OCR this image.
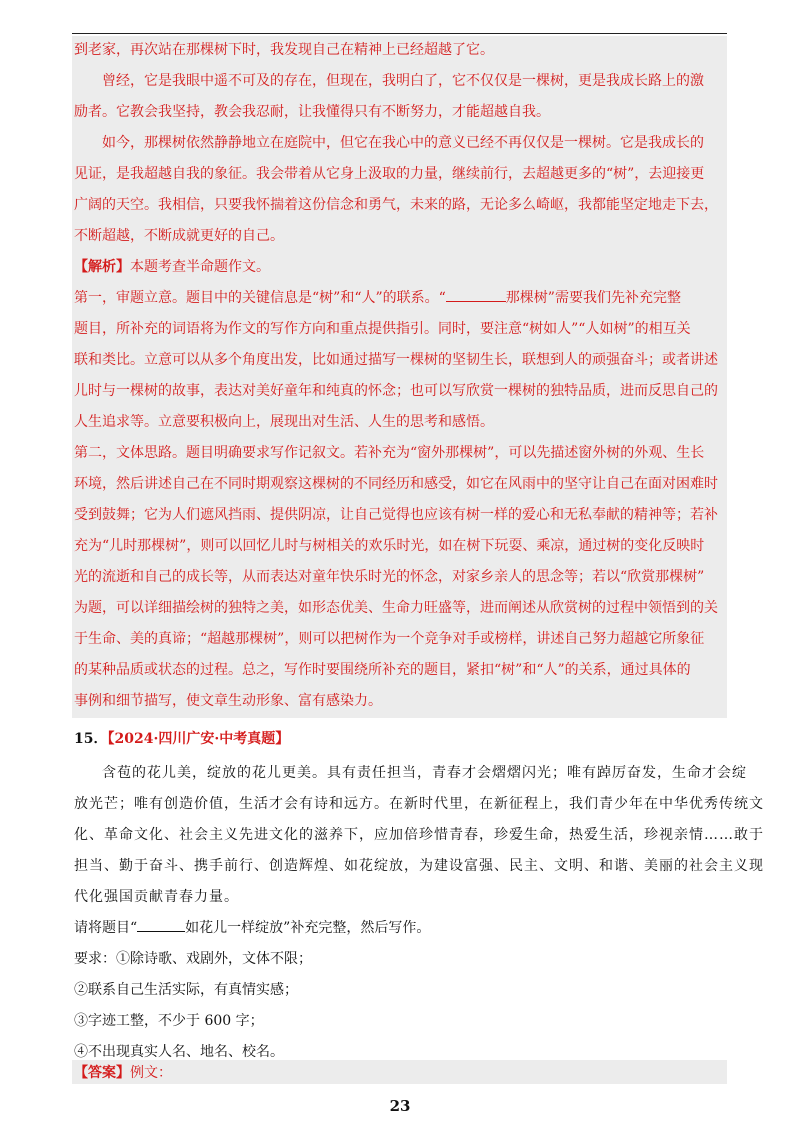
到老家，再次站在那棵树下时，我发现自己在精神上已经超越了它。
曾经，它是我眼中遥不可及的存在，但现在，我明白了，它不仅仅是一棵树，更是我成长路上的激
励者。它教会我坚持，教会我忍耐，让我懂得只有不断努力，才能超越自我。
如今，那棵树依然静静地立在庭院中，但它在我心中的意义已经不再仅仅是一棵树。它是我成长的
见证，是我超越自我的象征。我会带着从它身上汲取的力量，继续前行，去超越更多的“树”，去迎接更
广阔的天空。我相信，只要我怀揣着这份信念和勇气，未来的路，无论多么崎岖，我都能坚定地走下去，
不断超越，不断成就更好的自己。
【解析】本题考查半命题作文。
第一，审题立意。题目中的关键信息是“树”和“人”的联系。“	那棵树”需要我们先补充完整
题目，所补充的词语将为作文的写作方向和重点提供指引。同时，要注意“树如人”“人如树”的相互关
联和类比。立意可以从多个角度出发，比如通过描写一棵树的坚韧生长，联想到人的顽强奋斗；或者讲述
儿时与一棵树的故事，表达对美好童年和纯真的怀念；也可以写欣赏一棵树的独特品质，进而反思自己的
人生追求等。立意要积极向上，展现出对生活、人生的思考和感悟。
第二，文体思路。题目明确要求写作记叙文。若补充为“窗外那棵树”，可以先描述窗外树的外观、生长
环境，然后讲述自己在不同时期观察这棵树的不同经历和感受，如它在风雨中的坚守让自己在面对困难时
受到鼓舞；它为人们遮风挡雨、提供阴凉，让自己觉得也应该有树一样的爱心和无私奉献的精神等；若补
充为“儿时那棵树”，则可以回忆儿时与树相关的欢乐时光，如在树下玩耍、乘凉，通过树的变化反映时
光的流逝和自己的成长等，从而表达对童年快乐时光的怀念，对家乡亲人的思念等；若以“欣赏那棵树”
为题，可以详细描绘树的独特之美，如形态优美、生命力旺盛等，进而阐述从欣赏树的过程中领悟到的关
于生命、美的真谛；“超越那棵树”，则可以把树作为一个竞争对手或榜样，讲述自己努力超越它所象征
的某种品质或状态的过程。总之，写作时要围绕所补充的题目，紧扣“树”和“人”的关系，通过具体的
事例和细节描写，使文章生动形象、富有感染力。
15．【2024·四川广安·中考真题】
含苞的花儿美，绽放的花儿更美。具有责任担当，青春才会熠熠闪光；唯有踔厉奋发，生命才会绽
放光芒；唯有创造价值，生活才会有诗和远方。在新时代里，在新征程上，我们青少年在中华优秀传统文
化、革命文化、社会主义先进文化的滋养下，应加倍珍惜青春，珍爱生命，热爱生活，珍视亲情……敢于
担当、勤于奋斗、携手前行、创造辉煌、如花绽放，为建设富强、民主、文明、和谐、美丽的社会主义现
代化强国贡献青春力量。
请将题目“	如花儿一样绽放”补充完整，然后写作。
要求：①除诗歌、戏剧外，文体不限；
②联系自己生活实际，有真情实感；
③字迹工整，不少于 600 字；
④不出现真实人名、地名、校名。
【答案】例文：
23
